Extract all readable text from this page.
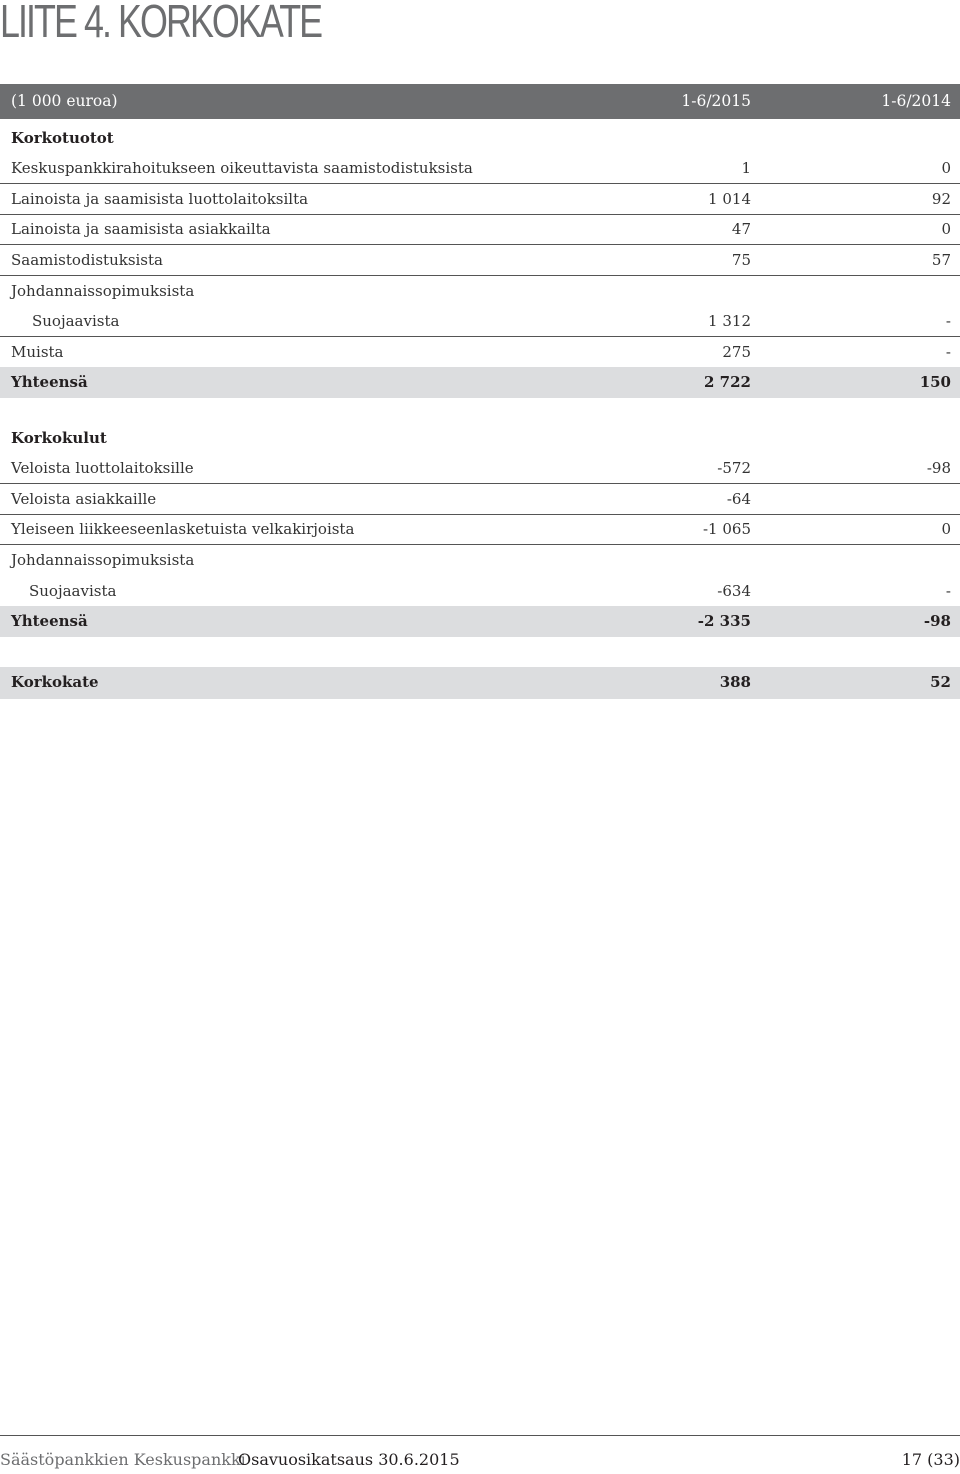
LIITE 4. KORKOKATE
(1 000 euroa)	1-6/2015	1-6/2014
Korkotuotot
Keskuspankkirahoitukseen oikeuttavista saamistodistuksista	1	0
Lainoista ja saamisista luottolaitoksilta	1 014	92
Lainoista ja saamisista asiakkailta	47	0
Saamistodistuksista	75	57
Johdannaissopimuksista
Suojaavista	1 312	-
Muista	275	-
Yhteensä	2 722	150
Korkokulut
Veloista luottolaitoksille	-572	-98
Veloista asiakkaille	-64
Yleiseen liikkeeseenlasketuista velkakirjoista	-1 065	0
Johdannaissopimuksista
Suojaavista	-634	-
Yhteensä	-2 335	-98
Korkokate	388	52
Säästöpankkien Keskuspankki
Osavuosikatsaus 30.6.2015	17 (33)
